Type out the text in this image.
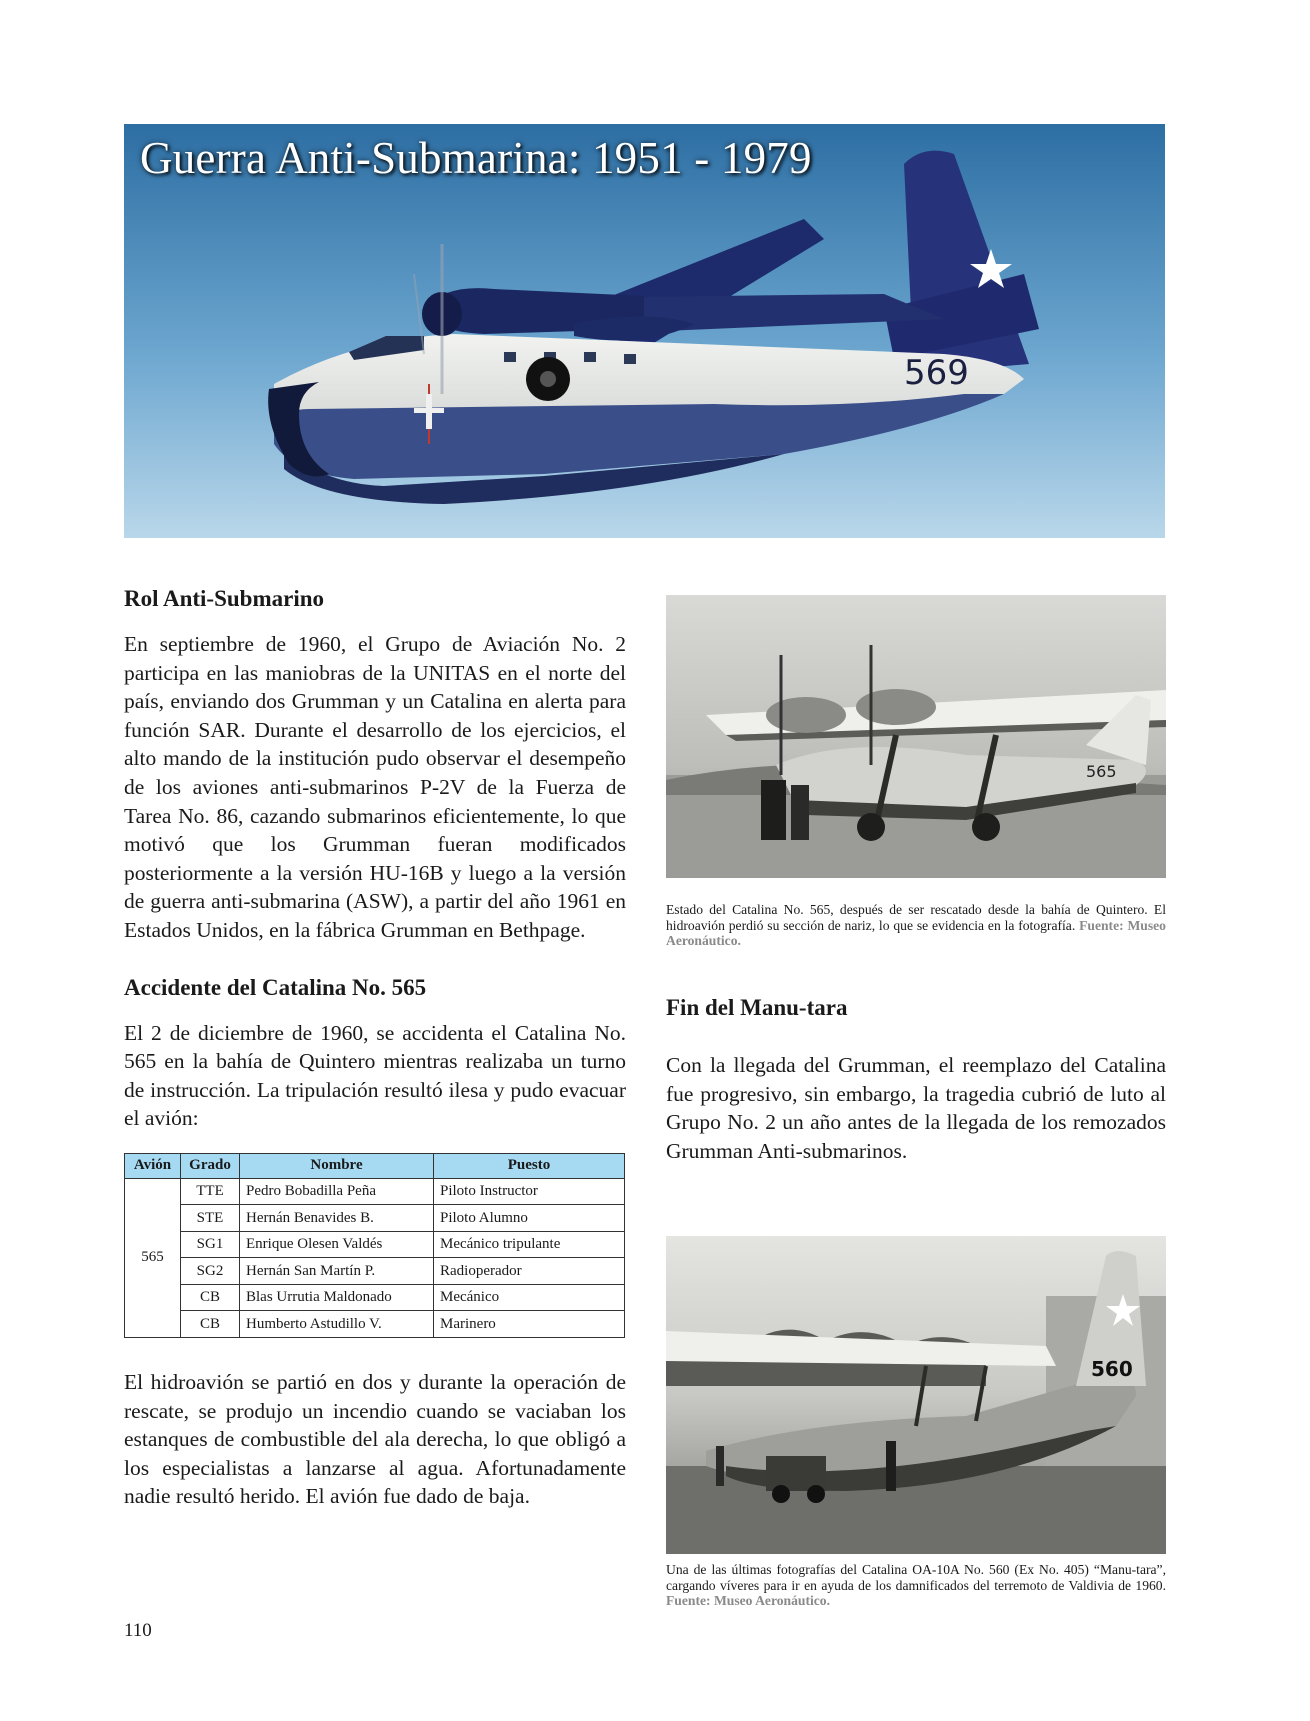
569
Guerra Anti-Submarina: 1951 - 1979
Rol Anti-Submarino

En septiembre de 1960, el Grupo de Aviación No. 2 participa en las maniobras de la UNITAS en el norte del país, enviando dos Grumman y un Catalina en alerta para función SAR. Durante el desarrollo de los ejercicios, el alto mando de la institución pudo observar el desempeño de los aviones anti-submarinos P-2V de la Fuerza de Tarea No. 86, cazando submarinos eficientemente, lo que motivó que los Grumman fueran modificados posteriormente a la versión HU-16B y luego a la versión de guerra anti-submarina (ASW), a partir del año 1961 en Estados Unidos, en la fábrica Grumman en Bethpage.

Accidente del Catalina No. 565

El 2 de diciembre de 1960, se accidenta el Catalina No. 565 en la bahía de Quintero mientras realizaba un turno de instrucción. La tripulación resultó ilesa y pudo evacuar el avión:

Avión	Grado	Nombre	Puesto
565	TTE	Pedro Bobadilla Peña	Piloto Instructor
	STE	Hernán Benavides B.	Piloto Alumno
	SG1	Enrique Olesen Valdés	Mecánico tripulante
	SG2	Hernán San Martín P.	Radioperador
	CB	Blas Urrutia Maldonado	Mecánico
	CB	Humberto Astudillo V.	Marinero

El hidroavión se partió en dos y durante la operación de rescate, se produjo un incendio cuando se vaciaban los estanques de combustible del ala derecha, lo que obligó a los especialistas a lanzarse al agua. Afortunadamente nadie resultó herido. El avión fue dado de baja.

565

Estado del Catalina No. 565, después de ser rescatado desde la bahía de Quintero. El hidroavión perdió su sección de nariz, lo que se evidencia en la fotografía. Fuente: Museo Aeronáutico.

Fin del Manu-tara

Con la llegada del Grumman, el reemplazo del Catalina fue progresivo, sin embargo, la tragedia cubrió de luto al Grupo No. 2 un año antes de la llegada de los remozados Grumman Anti-submarinos.

560

Una de las últimas fotografías del Catalina OA-10A No. 560 (Ex No. 405) “Manu-tara”, cargando víveres para ir en ayuda de los damnificados del terremoto de Valdivia de 1960. Fuente: Museo Aeronáutico.

110
